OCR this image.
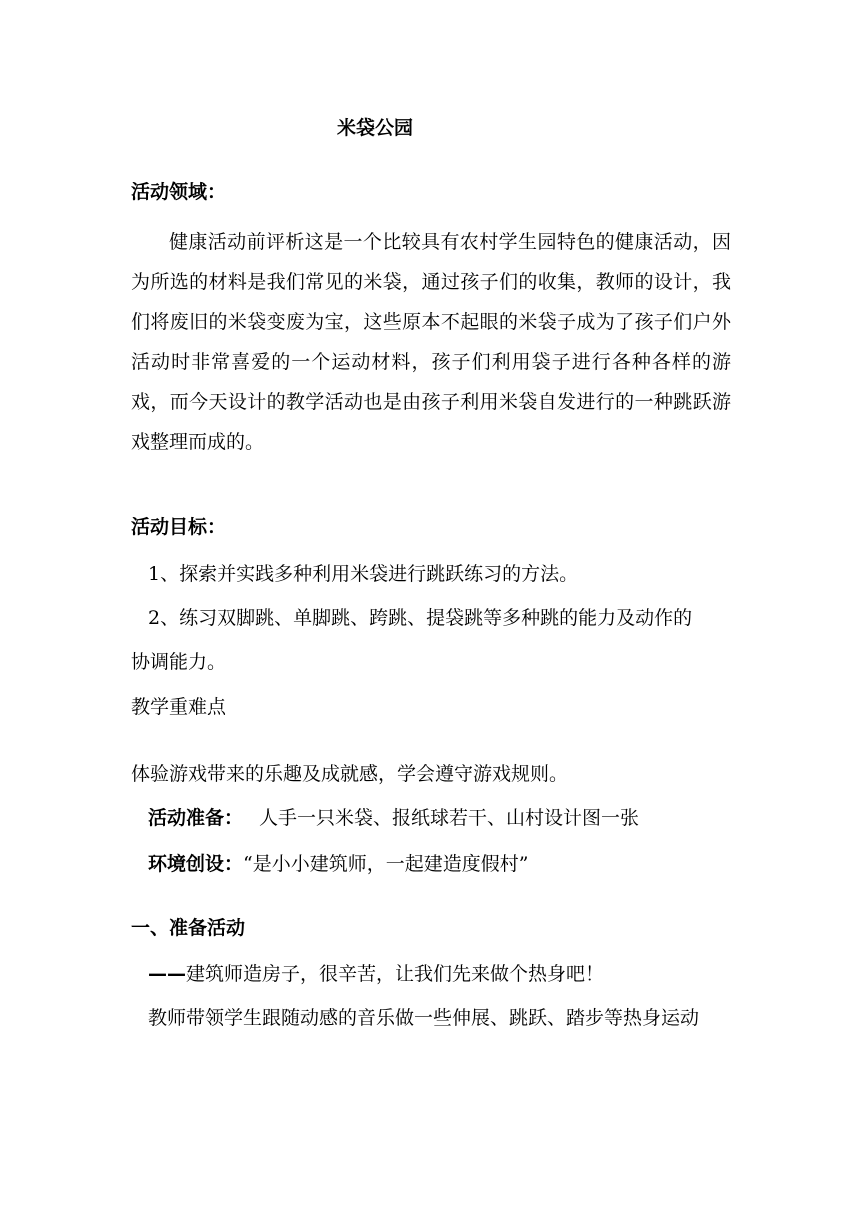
米袋公园
活动领域：

健康活动前评析这是一个比较具有农村学生园特色的健康活动，因为所选的材料是我们常见的米袋，通过孩子们的收集，教师的设计，我们将废旧的米袋变废为宝，这些原本不起眼的米袋子成为了孩子们户外活动时非常喜爱的一个运动材料，孩子们利用袋子进行各种各样的游戏，而今天设计的教学活动也是由孩子利用米袋自发进行的一种跳跃游戏整理而成的。

活动目标：
1、探索并实践多种利用米袋进行跳跃练习的方法。
2、练习双脚跳、单脚跳、跨跳、提袋跳等多种跳的能力及动作的
协调能力。
教学重难点
体验游戏带来的乐趣及成就感，学会遵守游戏规则。
活动准备： 人手一只米袋、报纸球若干、山村设计图一张
环境创设：“是小小建筑师，一起建造度假村”
一、准备活动
——建筑师造房子，很辛苦，让我们先来做个热身吧！
教师带领学生跟随动感的音乐做一些伸展、跳跃、踏步等热身运动
